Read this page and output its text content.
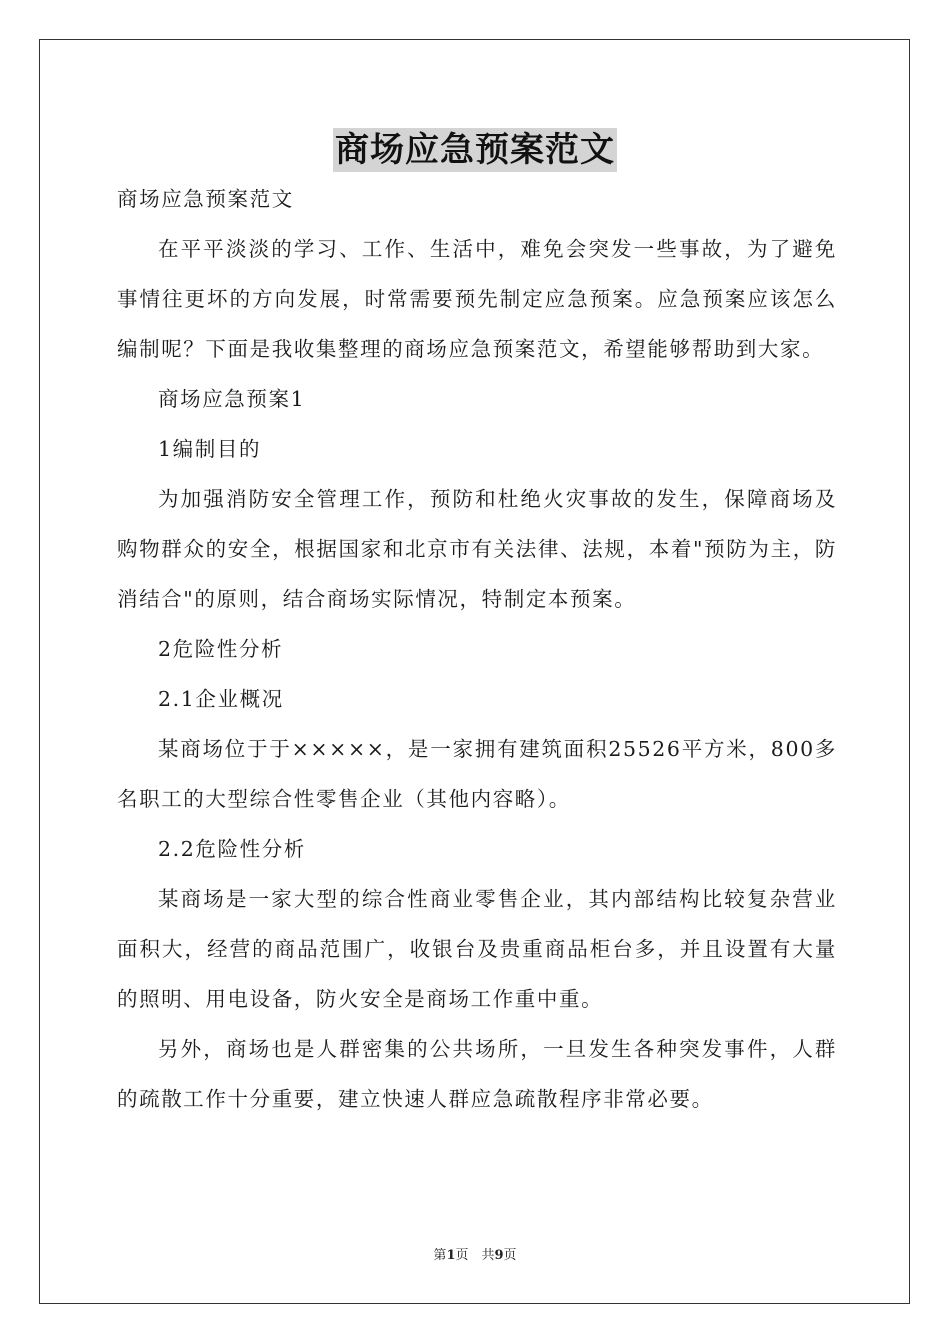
商场应急预案范文

商场应急预案范文

在平平淡淡的学习、工作、生活中，难免会突发一些事故，为了避免事情往更坏的方向发展，时常需要预先制定应急预案。应急预案应该怎么编制呢？下面是我收集整理的商场应急预案范文，希望能够帮助到大家。

商场应急预案1

1编制目的

为加强消防安全管理工作，预防和杜绝火灾事故的发生，保障商场及购物群众的安全，根据国家和北京市有关法律、法规，本着"预防为主，防消结合"的原则，结合商场实际情况，特制定本预案。

2危险性分析

2.1企业概况

某商场位于于×××××，是一家拥有建筑面积25526平方米，800多名职工的大型综合性零售企业（其他内容略）。

2.2危险性分析

某商场是一家大型的综合性商业零售企业，其内部结构比较复杂营业面积大，经营的商品范围广，收银台及贵重商品柜台多，并且设置有大量的照明、用电设备，防火安全是商场工作重中重。

另外，商场也是人群密集的公共场所，一旦发生各种突发事件，人群的疏散工作十分重要，建立快速人群应急疏散程序非常必要。

第1页　共9页
